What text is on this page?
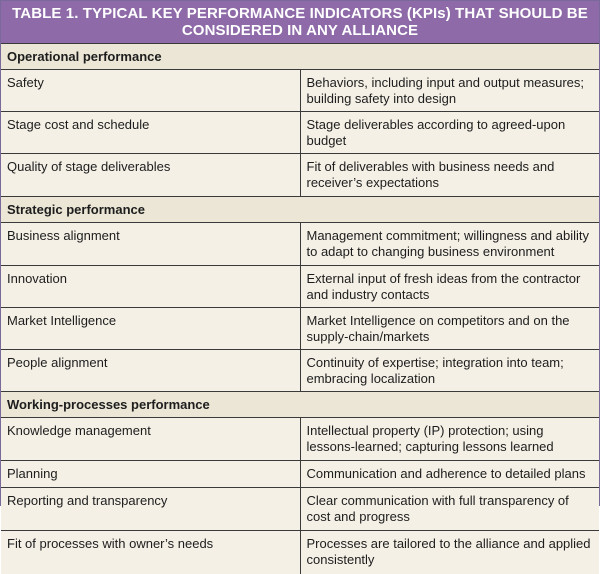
TABLE 1. TYPICAL KEY PERFORMANCE INDICATORS (KPIs) THAT SHOULD BE
CONSIDERED IN ANY ALLIANCE
Operational performance	
Safety	Behaviors, including input and output measures; building safety into design
Stage cost and schedule	Stage deliverables according to agreed-upon budget
Quality of stage deliverables	Fit of deliverables with business needs and receiver’s expectations
Strategic performance	
Business alignment	Management commitment; willingness and ability to adapt to changing business environment
Innovation	External input of fresh ideas from the contractor and industry contacts
Market Intelligence	Market Intelligence on competitors and on the supply-chain/markets
People alignment	Continuity of expertise; integration into team; embracing localization
Working-processes performance	
Knowledge management	Intellectual property (IP) protection; using lessons-learned; capturing lessons learned
Planning	Communication and adherence to detailed plans
Reporting and transparency	Clear communication with full transparency of cost and progress
Fit of processes with owner’s needs	Processes are tailored to the alliance and applied consistently
